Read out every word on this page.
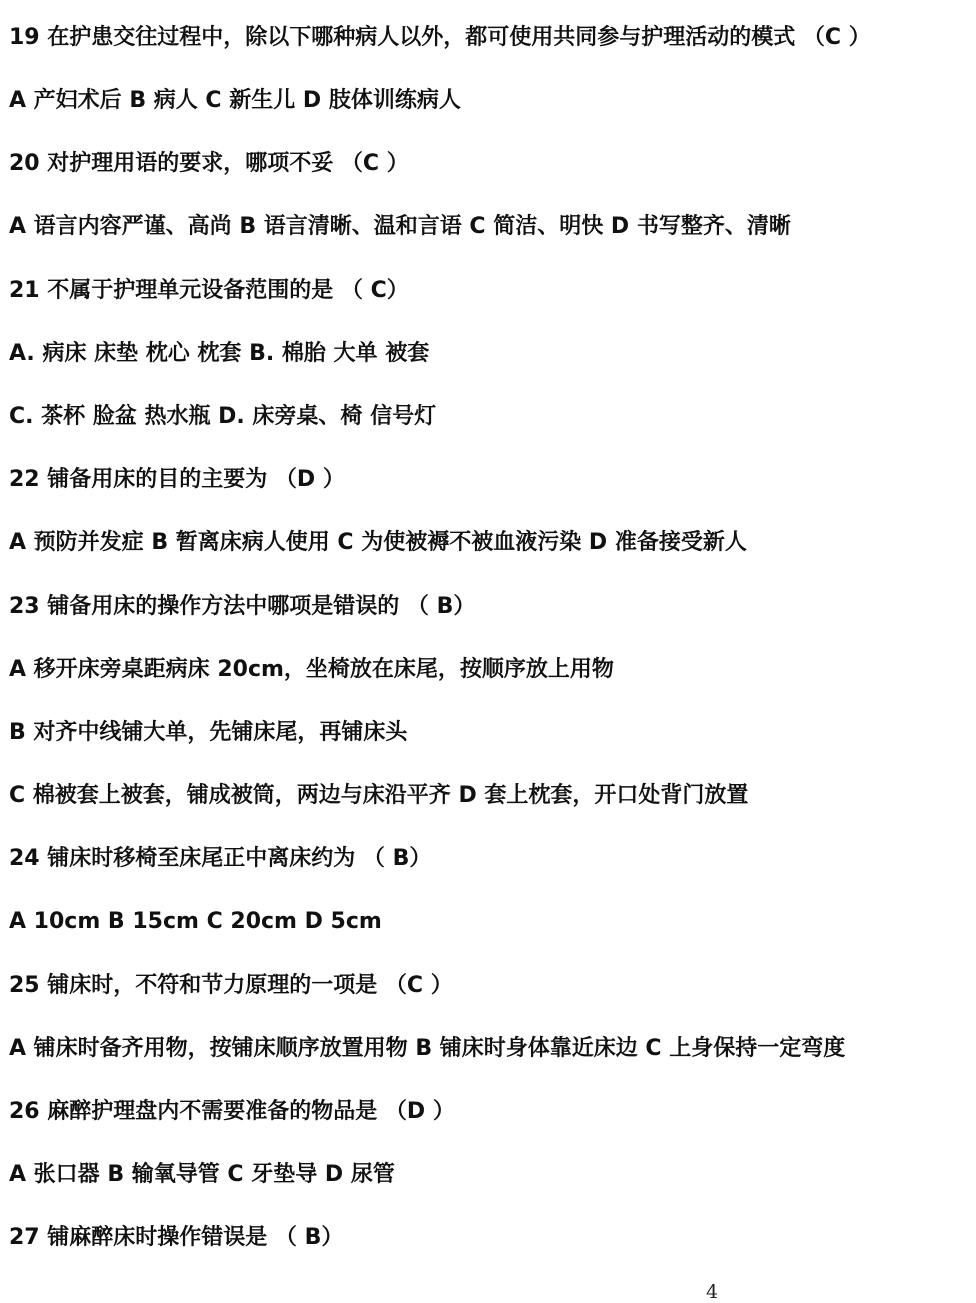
19 在护患交往过程中，除以下哪种病人以外，都可使用共同参与护理活动的模式 （C ）
A 产妇术后 B 病人 C 新生儿 D 肢体训练病人
20 对护理用语的要求，哪项不妥 （C ）
A 语言内容严谨、高尚 B 语言清晰、温和言语 C 简洁、明快 D 书写整齐、清晰
21 不属于护理单元设备范围的是 （ C）
A. 病床 床垫 枕心 枕套 B. 棉胎 大单 被套
C. 茶杯 脸盆 热水瓶 D. 床旁桌、椅 信号灯
22 铺备用床的目的主要为 （D ）
A 预防并发症 B 暂离床病人使用 C 为使被褥不被血液污染 D 准备接受新人
23 铺备用床的操作方法中哪项是错误的 （ B）
A 移开床旁桌距病床 20cm，坐椅放在床尾，按顺序放上用物
B 对齐中线铺大单，先铺床尾，再铺床头
C 棉被套上被套，铺成被筒，两边与床沿平齐 D 套上枕套，开口处背门放置
24 铺床时移椅至床尾正中离床约为 （ B）
A 10cm B 15cm C 20cm D 5cm
25 铺床时，不符和节力原理的一项是 （C ）
A 铺床时备齐用物，按铺床顺序放置用物 B 铺床时身体靠近床边 C 上身保持一定弯度
26 麻醉护理盘内不需要准备的物品是 （D ）
A 张口器 B 输氧导管 C 牙垫导 D 尿管
27 铺麻醉床时操作错误是 （ B）
4
